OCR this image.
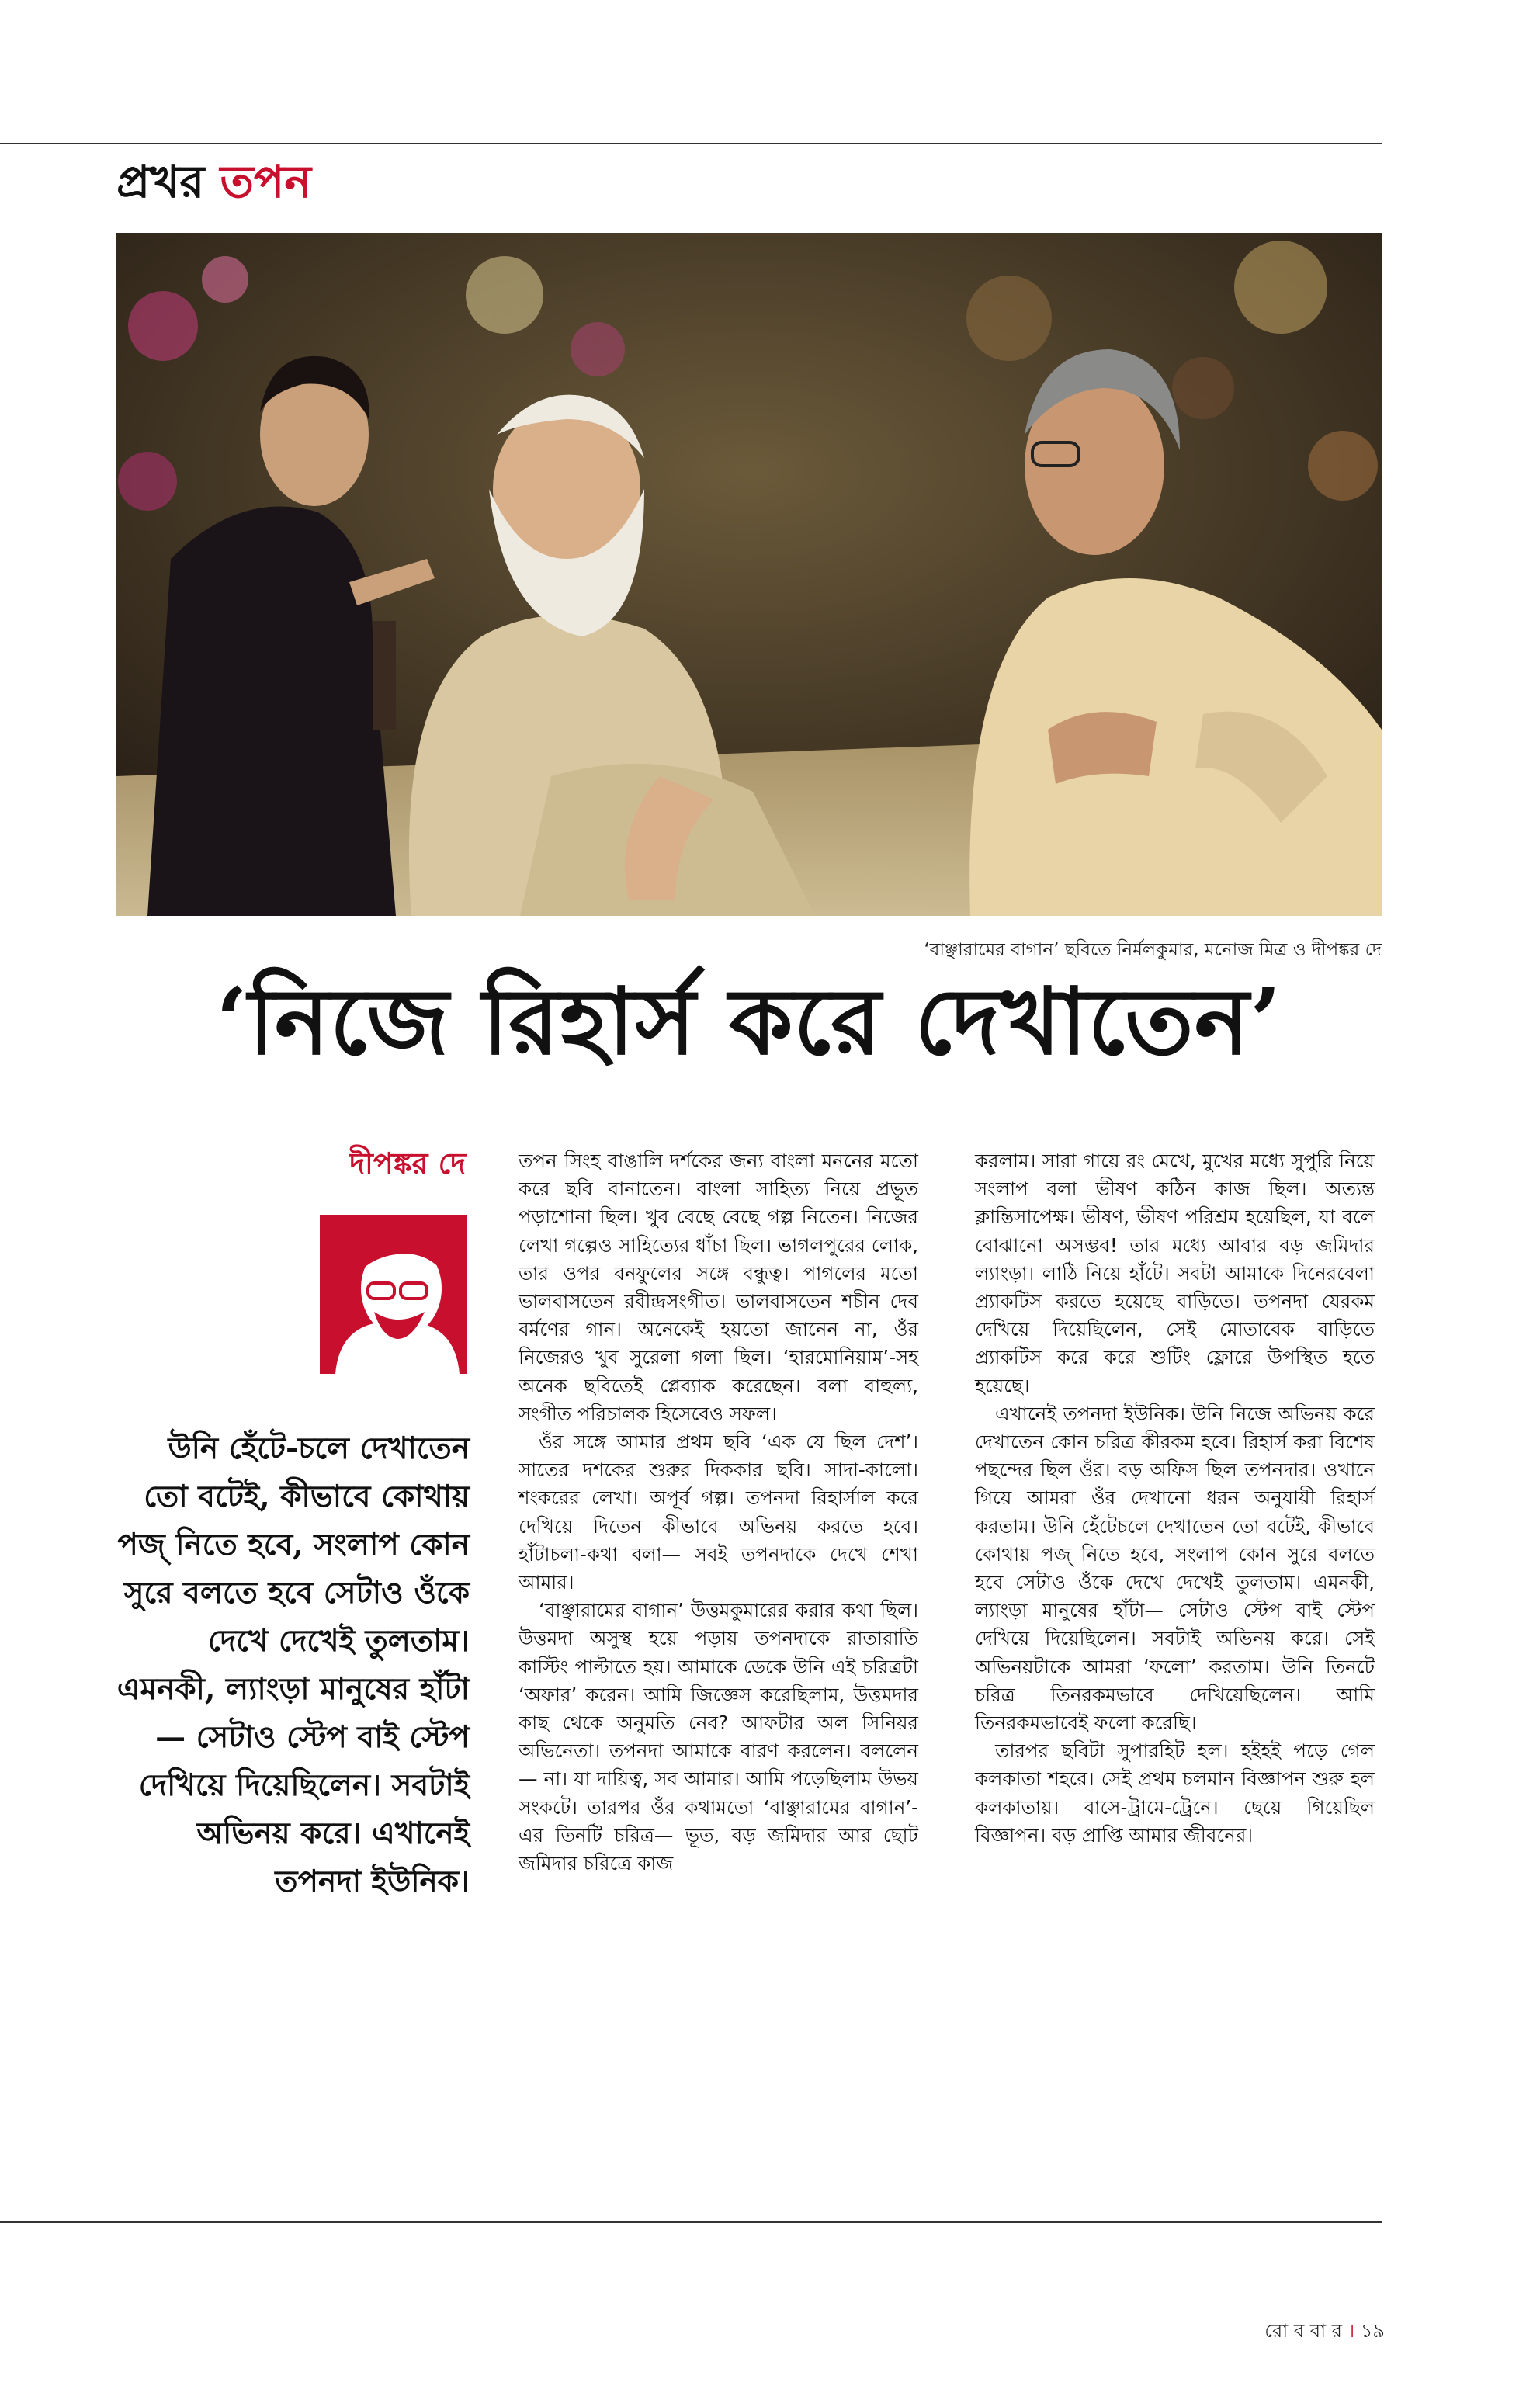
প্রখর তপন
‘বাঞ্ছারামের বাগান’ ছবিতে নির্মলকুমার, মনোজ মিত্র ও দীপঙ্কর দে
‘নিজে রিহার্স করে দেখাতেন’
দীপঙ্কর দে
উনি হেঁটে-চলে দেখাতেন তো বটেই, কীভাবে কোথায় পজ্ নিতে হবে, সংলাপ কোন সুরে বলতে হবে সেটাও ওঁকে দেখে দেখেই তুলতাম। এমনকী, ল্যাংড়া মানুষের হাঁটা— সেটাও স্টেপ বাই স্টেপ দেখিয়ে দিয়েছিলেন। সবটাই অভিনয় করে। এখানেই তপনদা ইউনিক।

তপন সিংহ বাঙালি দর্শকের জন্য বাংলা মননের মতো করে ছবি বানাতেন। বাংলা সাহিত্য নিয়ে প্রভূত পড়াশোনা ছিল। খুব বেছে বেছে গল্প নিতেন। নিজের লেখা গল্পেও সাহিত্যের ধাঁচা ছিল। ভাগলপুরের লোক, তার ওপর বনফুলের সঙ্গে বন্ধুত্ব। পাগলের মতো ভালবাসতেন রবীন্দ্রসংগীত। ভালবাসতেন শচীন দেব বর্মণের গান। অনেকেই হয়তো জানেন না, ওঁর নিজেরও খুব সুরেলা গলা ছিল। ‘হারমোনিয়াম’-সহ অনেক ছবিতেই প্লেব্যাক করেছেন। বলা বাহুল্য, সংগীত পরিচালক হিসেবেও সফল।

ওঁর সঙ্গে আমার প্রথম ছবি ‘এক যে ছিল দেশ’। সাতের দশকের শুরুর দিককার ছবি। সাদা-কালো। শংকরের লেখা। অপূর্ব গল্প। তপনদা রিহার্সাল করে দেখিয়ে দিতেন কীভাবে অভিনয় করতে হবে। হাঁটাচলা-কথা বলা— সবই তপনদাকে দেখে শেখা আমার।

‘বাঞ্ছারামের বাগান’ উত্তমকুমারের করার কথা ছিল। উত্তমদা অসুস্থ হয়ে পড়ায় তপনদাকে রাতারাতি কাস্টিং পাল্টাতে হয়। আমাকে ডেকে উনি এই চরিত্রটা ‘অফার’ করেন। আমি জিজ্ঞেস করেছিলাম, উত্তমদার কাছ থেকে অনুমতি নেব? আফটার অল সিনিয়র অভিনেতা। তপনদা আমাকে বারণ করলেন। বললেন— না। যা দায়িত্ব, সব আমার। আমি পড়েছিলাম উভয় সংকটে। তারপর ওঁর কথামতো ‘বাঞ্ছারামের বাগান’-এর তিনটি চরিত্র— ভূত, বড় জমিদার আর ছোট জমিদার চরিত্রে কাজ

করলাম। সারা গায়ে রং মেখে, মুখের মধ্যে সুপুরি নিয়ে সংলাপ বলা ভীষণ কঠিন কাজ ছিল। অত্যন্ত ক্লান্তিসাপেক্ষ। ভীষণ, ভীষণ পরিশ্রম হয়েছিল, যা বলে বোঝানো অসম্ভব! তার মধ্যে আবার বড় জমিদার ল্যাংড়া। লাঠি নিয়ে হাঁটে। সবটা আমাকে দিনেরবেলা প্র্যাকটিস করতে হয়েছে বাড়িতে। তপনদা যেরকম দেখিয়ে দিয়েছিলেন, সেই মোতাবেক বাড়িতে প্র্যাকটিস করে করে শুটিং ফ্লোরে উপস্থিত হতে হয়েছে।

এখানেই তপনদা ইউনিক। উনি নিজে অভিনয় করে দেখাতেন কোন চরিত্র কীরকম হবে। রিহার্স করা বিশেষ পছন্দের ছিল ওঁর। বড় অফিস ছিল তপনদার। ওখানে গিয়ে আমরা ওঁর দেখানো ধরন অনুযায়ী রিহার্স করতাম। উনি হেঁটেচলে দেখাতেন তো বটেই, কীভাবে কোথায় পজ্ নিতে হবে, সংলাপ কোন সুরে বলতে হবে সেটাও ওঁকে দেখে দেখেই তুলতাম। এমনকী, ল্যাংড়া মানুষের হাঁটা— সেটাও স্টেপ বাই স্টেপ দেখিয়ে দিয়েছিলেন। সবটাই অভিনয় করে। সেই অভিনয়টাকে আমরা ‘ফলো’ করতাম। উনি তিনটে চরিত্র তিনরকমভাবে দেখিয়েছিলেন। আমি তিনরকমভাবেই ফলো করেছি।

তারপর ছবিটা সুপারহিট হল। হইহই পড়ে গেল কলকাতা শহরে। সেই প্রথম চলমান বিজ্ঞাপন শুরু হল কলকাতায়। বাসে-ট্রামে-ট্রেনে। ছেয়ে গিয়েছিল বিজ্ঞাপন। বড় প্রাপ্তি আমার জীবনের।

রো ব বা র । ১৯
